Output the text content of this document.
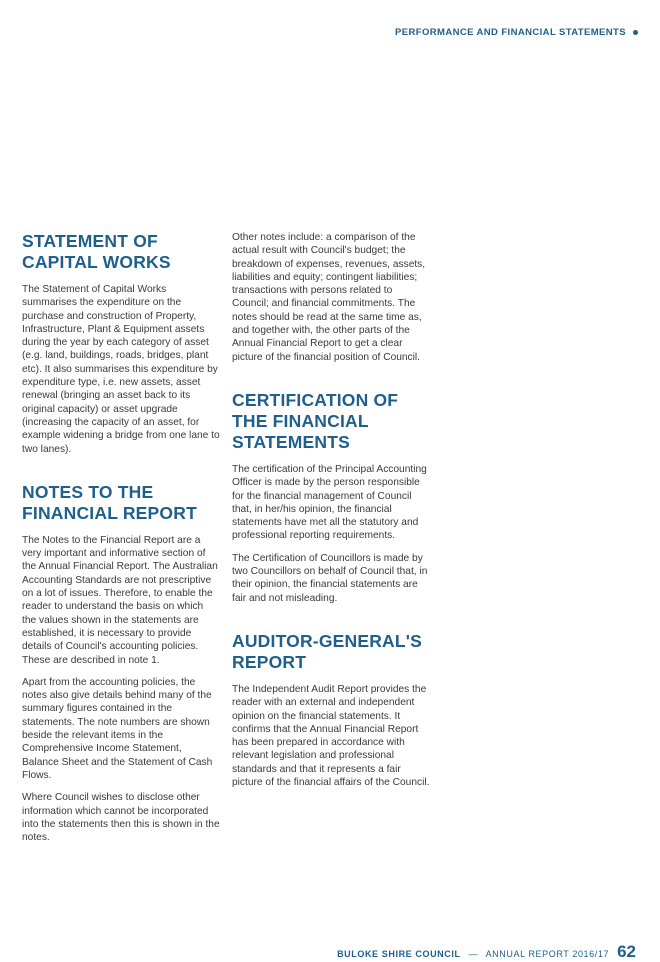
PERFORMANCE AND FINANCIAL STATEMENTS
STATEMENT OF CAPITAL WORKS

The Statement of Capital Works summarises the expenditure on the purchase and construction of Property, Infrastructure, Plant & Equipment assets during the year by each category of asset (e.g. land, buildings, roads, bridges, plant etc). It also summarises this expenditure by expenditure type, i.e. new assets, asset renewal (bringing an asset back to its original capacity) or asset upgrade (increasing the capacity of an asset, for example widening a bridge from one lane to two lanes).

NOTES TO THE FINANCIAL REPORT

The Notes to the Financial Report are a very important and informative section of the Annual Financial Report. The Australian Accounting Standards are not prescriptive on a lot of issues. Therefore, to enable the reader to understand the basis on which the values shown in the statements are established, it is necessary to provide details of Council's accounting policies. These are described in note 1.

Apart from the accounting policies, the notes also give details behind many of the summary figures contained in the statements. The note numbers are shown beside the relevant items in the Comprehensive Income Statement, Balance Sheet and the Statement of Cash Flows.

Where Council wishes to disclose other information which cannot be incorporated into the statements then this is shown in the notes.

Other notes include: a comparison of the actual result with Council's budget; the breakdown of expenses, revenues, assets, liabilities and equity; contingent liabilities; transactions with persons related to Council; and financial commitments. The notes should be read at the same time as, and together with, the other parts of the Annual Financial Report to get a clear picture of the financial position of Council.

CERTIFICATION OF THE FINANCIAL STATEMENTS

The certification of the Principal Accounting Officer is made by the person responsible for the financial management of Council that, in her/his opinion, the financial statements have met all the statutory and professional reporting requirements.

The Certification of Councillors is made by two Councillors on behalf of Council that, in their opinion, the financial statements are fair and not misleading.

AUDITOR-GENERAL'S REPORT

The Independent Audit Report provides the reader with an external and independent opinion on the financial statements. It confirms that the Annual Financial Report has been prepared in accordance with relevant legislation and professional standards and that it represents a fair picture of the financial affairs of the Council.

BULOKE SHIRE COUNCIL — ANNUAL REPORT 2016/17 62
